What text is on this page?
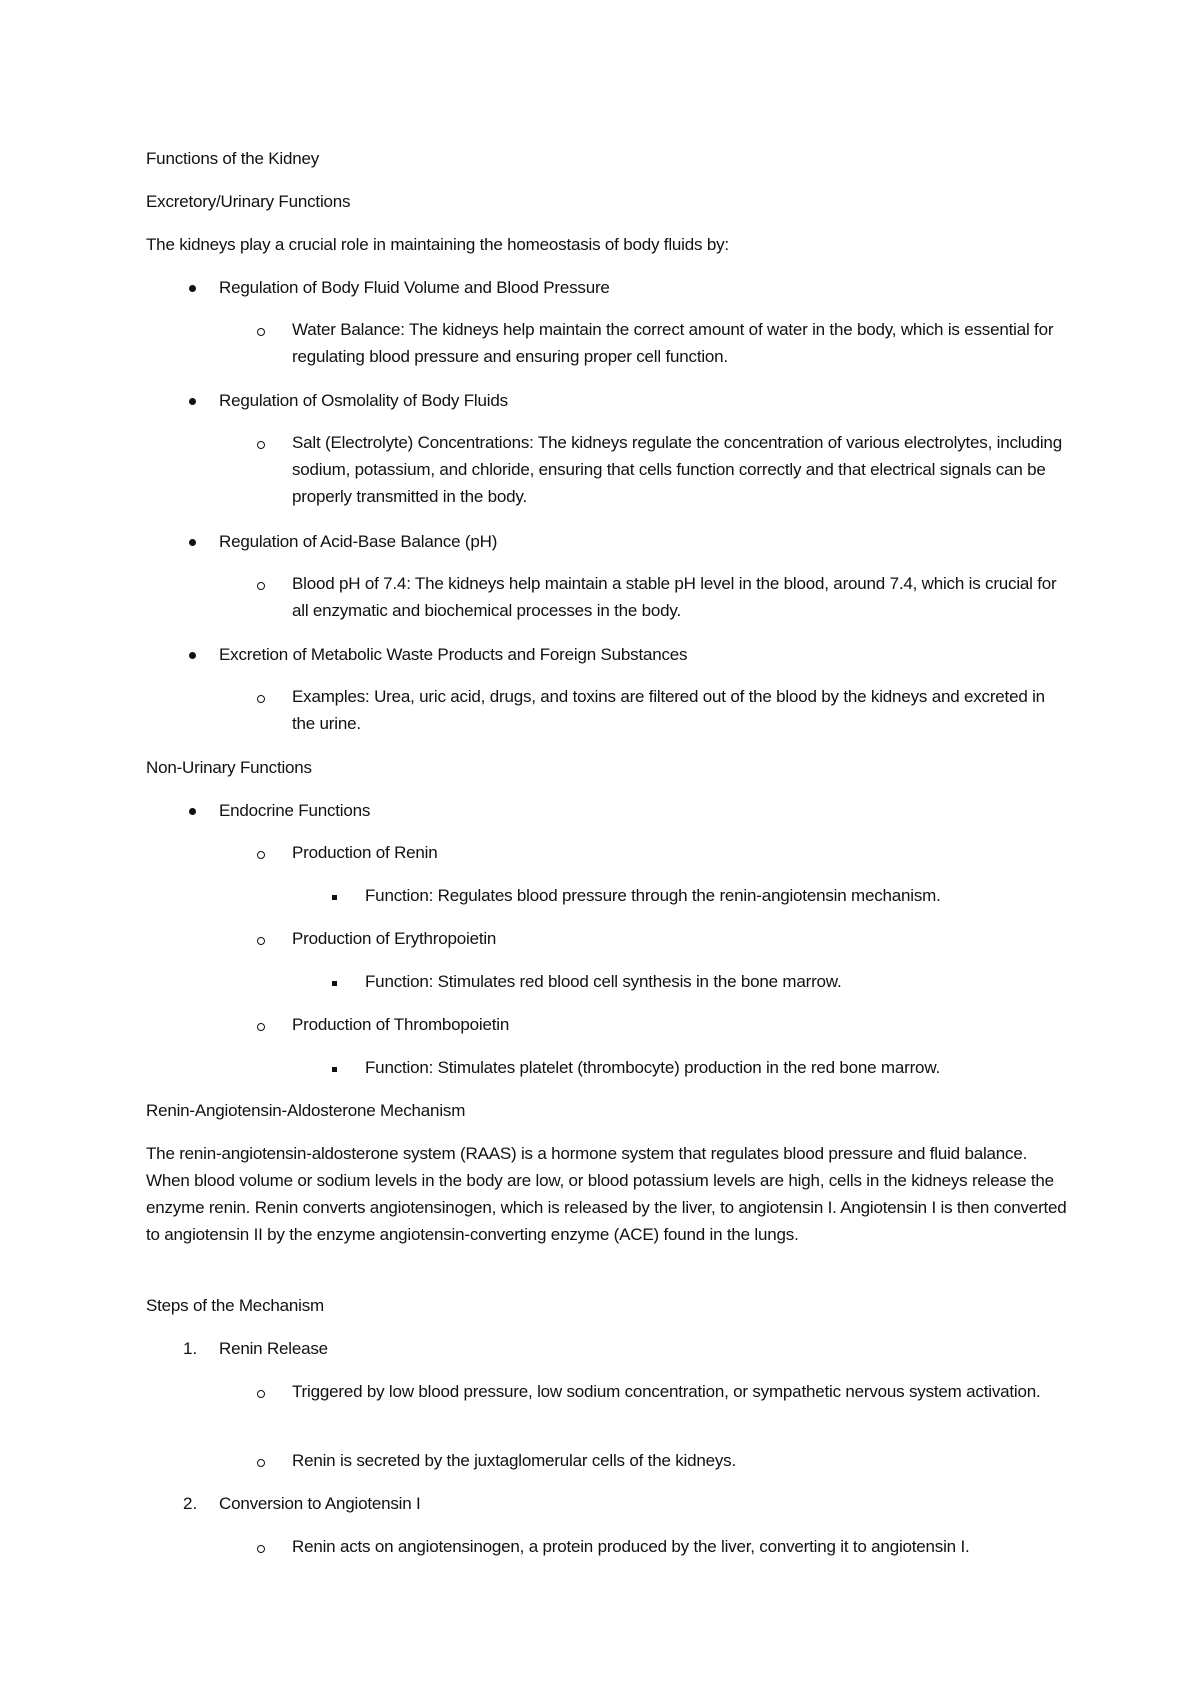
Functions of the Kidney
Excretory/Urinary Functions
The kidneys play a crucial role in maintaining the homeostasis of body fluids by:
Regulation of Body Fluid Volume and Blood Pressure
Water Balance: The kidneys help maintain the correct amount of water in the body, which is essential for regulating blood pressure and ensuring proper cell function.
Regulation of Osmolality of Body Fluids
Salt (Electrolyte) Concentrations: The kidneys regulate the concentration of various electrolytes, including sodium, potassium, and chloride, ensuring that cells function correctly and that electrical signals can be properly transmitted in the body.
Regulation of Acid-Base Balance (pH)
Blood pH of 7.4: The kidneys help maintain a stable pH level in the blood, around 7.4, which is crucial for all enzymatic and biochemical processes in the body.
Excretion of Metabolic Waste Products and Foreign Substances
Examples: Urea, uric acid, drugs, and toxins are filtered out of the blood by the kidneys and excreted in the urine.
Non-Urinary Functions
Endocrine Functions
Production of Renin
Function: Regulates blood pressure through the renin-angiotensin mechanism.
Production of Erythropoietin
Function: Stimulates red blood cell synthesis in the bone marrow.
Production of Thrombopoietin
Function: Stimulates platelet (thrombocyte) production in the red bone marrow.
Renin-Angiotensin-Aldosterone Mechanism
The renin-angiotensin-aldosterone system (RAAS) is a hormone system that regulates blood pressure and fluid balance. When blood volume or sodium levels in the body are low, or blood potassium levels are high, cells in the kidneys release the enzyme renin. Renin converts angiotensinogen, which is released by the liver, to angiotensin I. Angiotensin I is then converted to angiotensin II by the enzyme angiotensin-converting enzyme (ACE) found in the lungs.
Steps of the Mechanism
1. Renin Release
Triggered by low blood pressure, low sodium concentration, or sympathetic nervous system activation.
Renin is secreted by the juxtaglomerular cells of the kidneys.
2. Conversion to Angiotensin I
Renin acts on angiotensinogen, a protein produced by the liver, converting it to angiotensin I.
